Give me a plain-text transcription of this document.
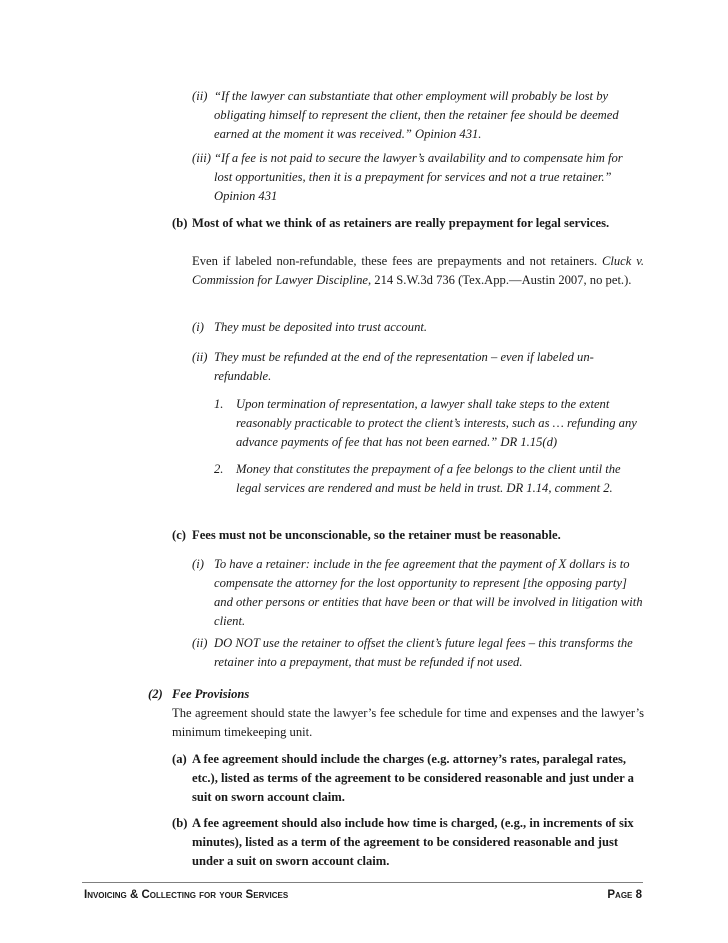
(ii) “If the lawyer can substantiate that other employment will probably be lost by obligating himself to represent the client, then the retainer fee should be deemed earned at the moment it was received.” Opinion 431.
(iii) “If a fee is not paid to secure the lawyer’s availability and to compensate him for lost opportunities, then it is a prepayment for services and not a true retainer.” Opinion 431
(b) Most of what we think of as retainers are really prepayment for legal services.
Even if labeled non-refundable, these fees are prepayments and not retainers. Cluck v. Commission for Lawyer Discipline, 214 S.W.3d 736 (Tex.App.—Austin 2007, no pet.).
(i) They must be deposited into trust account.
(ii) They must be refunded at the end of the representation – even if labeled un-refundable.
1. Upon termination of representation, a lawyer shall take steps to the extent reasonably practicable to protect the client’s interests, such as … refunding any advance payments of fee that has not been earned.” DR 1.15(d)
2. Money that constitutes the prepayment of a fee belongs to the client until the legal services are rendered and must be held in trust. DR 1.14, comment 2.
(c) Fees must not be unconscionable, so the retainer must be reasonable.
(i) To have a retainer: include in the fee agreement that the payment of X dollars is to compensate the attorney for the lost opportunity to represent [the opposing party] and other persons or entities that have been or that will be involved in litigation with client.
(ii) DO NOT use the retainer to offset the client’s future legal fees – this transforms the retainer into a prepayment, that must be refunded if not used.
(2) Fee Provisions
The agreement should state the lawyer’s fee schedule for time and expenses and the lawyer’s minimum timekeeping unit.
(a) A fee agreement should include the charges (e.g. attorney’s rates, paralegal rates, etc.), listed as terms of the agreement to be considered reasonable and just under a suit on sworn account claim.
(b) A fee agreement should also include how time is charged, (e.g., in increments of six minutes), listed as a term of the agreement to be considered reasonable and just under a suit on sworn account claim.
Invoicing & Collecting for your Services	Page 8
